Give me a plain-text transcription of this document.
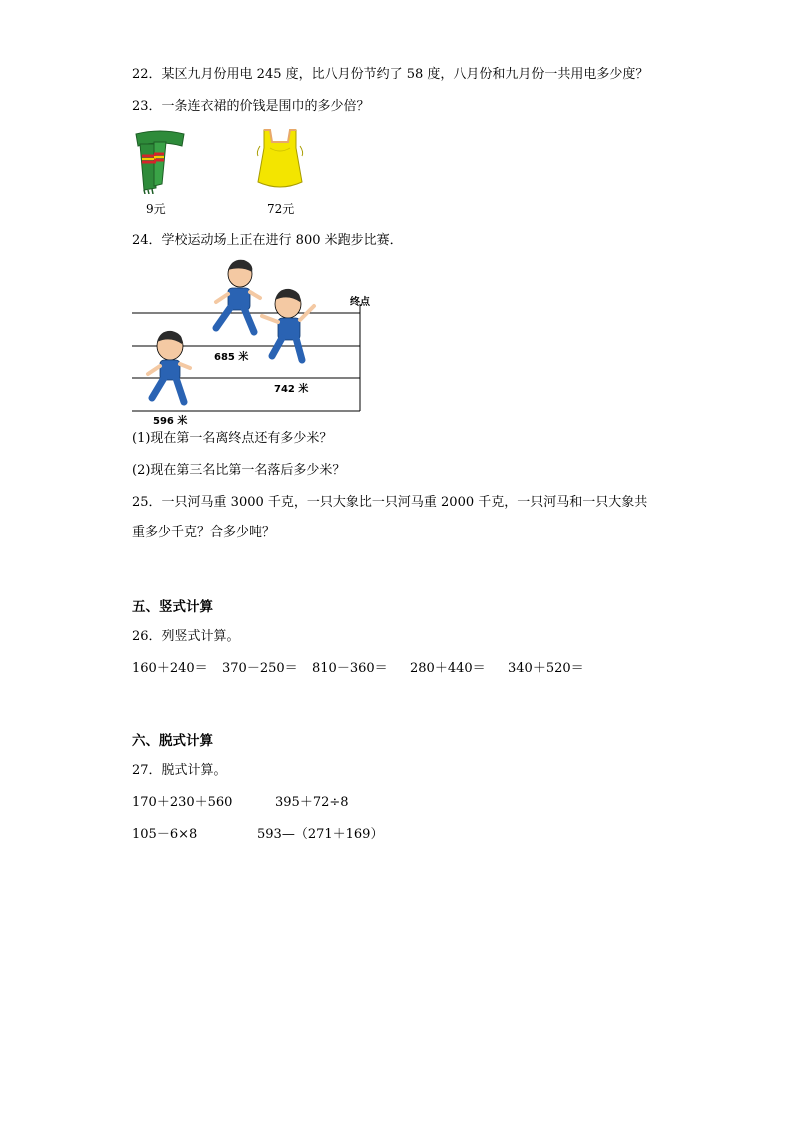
22．某区九月份用电 245 度，比八月份节约了 58 度，八月份和九月份一共用电多少度？
23．一条连衣裙的价钱是围巾的多少倍？
9元	72元
24．学校运动场上正在进行 800 米跑步比赛．
终点
685 米
742 米
596 米
(1)现在第一名离终点还有多少米？
(2)现在第三名比第一名落后多少米？
25．一只河马重 3000 千克，一只大象比一只河马重 2000 千克，一只河马和一只大象共
重多少千克？合多少吨？
五、竖式计算
26．列竖式计算。
160＋240＝ 370－250＝ 810－360＝ 280＋440＝ 340＋520＝
六、脱式计算
27．脱式计算。
170＋230＋560	395＋72÷8
105－6×8	593—（271＋169）
